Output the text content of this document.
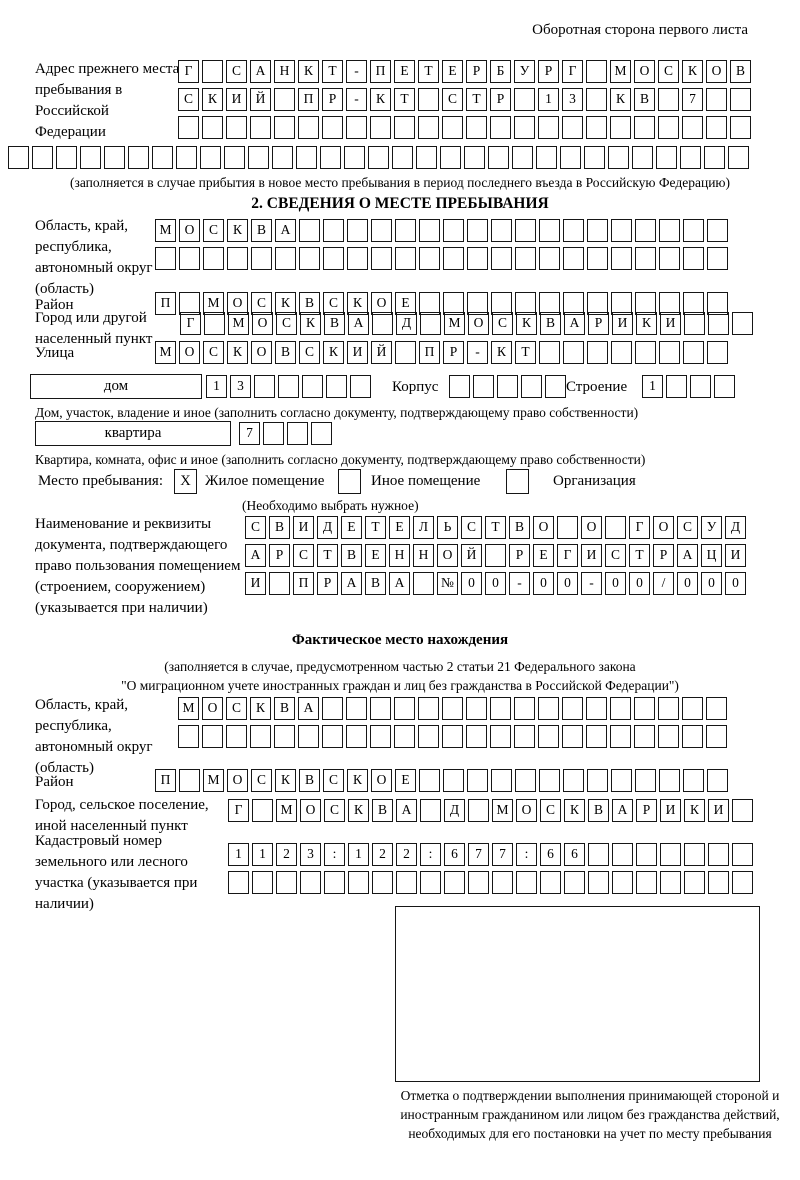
Оборотная сторона первого листа
Адрес прежнего места пребывания в Российской Федерации
Г	С	А	Н	К	Т	-	П	Е	Т	Е	Р	Б	У	Р	Г	М О	С	К	О	В
С	К	И	Й	П	Р	-	К	Т	С	Т	Р	1	3	К	В	7
(заполняется в случае прибытия в новое место пребывания в период последнего въезда в Российскую Федерацию)
2. СВЕДЕНИЯ О МЕСТЕ ПРЕБЫВАНИЯ
Область, край, республика, автономный округ (область)
М О	С	К	В	А
Район	П	М О	С	К	В	С	К	О	Е
Город или другой населенный пункт
Г	М О	С	К	В	А	Д	М О	С	К	В	А	Р	И	К	И
Улица	М О	С	К	О	В	С	К	И	Й	П	Р	-	К	Т
дом	1	3	Корпус	Строение	1
Дом, участок, владение и иное (заполнить согласно документу, подтверждающему право собственности)
квартира	7
Квартира, комната, офис и иное (заполнить согласно документу, подтверждающему право собственности)
Место пребывания:	X Жилое помещение	Иное помещение	Организация
(Необходимо выбрать нужное)
Наименование и реквизиты документа, подтверждающего право пользования помещением (строением, сооружением) (указывается при наличии)
С	В	И	Д	Е	Т	Е	Л	Ь	С	Т	В	О	О	Г	О	С	У	Д
А	Р	С	Т	В	Е	Н	Н	О	Й	Р	Е	Г	И	С	Т	Р	А	Ц	И
И	П	Р	А	В	А	№	0	0	-	0	0	-	0	0	/	0	0	0
Фактическое место нахождения
(заполняется в случае, предусмотренном частью 2 статьи 21 Федерального закона
"О миграционном учете иностранных граждан и лиц без гражданства в Российской Федерации")
Область, край, республика, автономный округ (область)
М О	С	К	В	А
Район	П	М О	С	К	В	С	К	О	Е
Город, сельское поселение, иной населенный пункт
Г	М О	С	К	В	А	Д	М О	С	К	В	А	Р	И	К	И
Кадастровый номер земельного или лесного участка (указывается при наличии)
1	1	2	3	:	1	2	2	:	6	7	7	:	6	6
Отметка о подтверждении выполнения принимающей стороной и иностранным гражданином или лицом без гражданства действий, необходимых для его постановки на учет по месту пребывания
